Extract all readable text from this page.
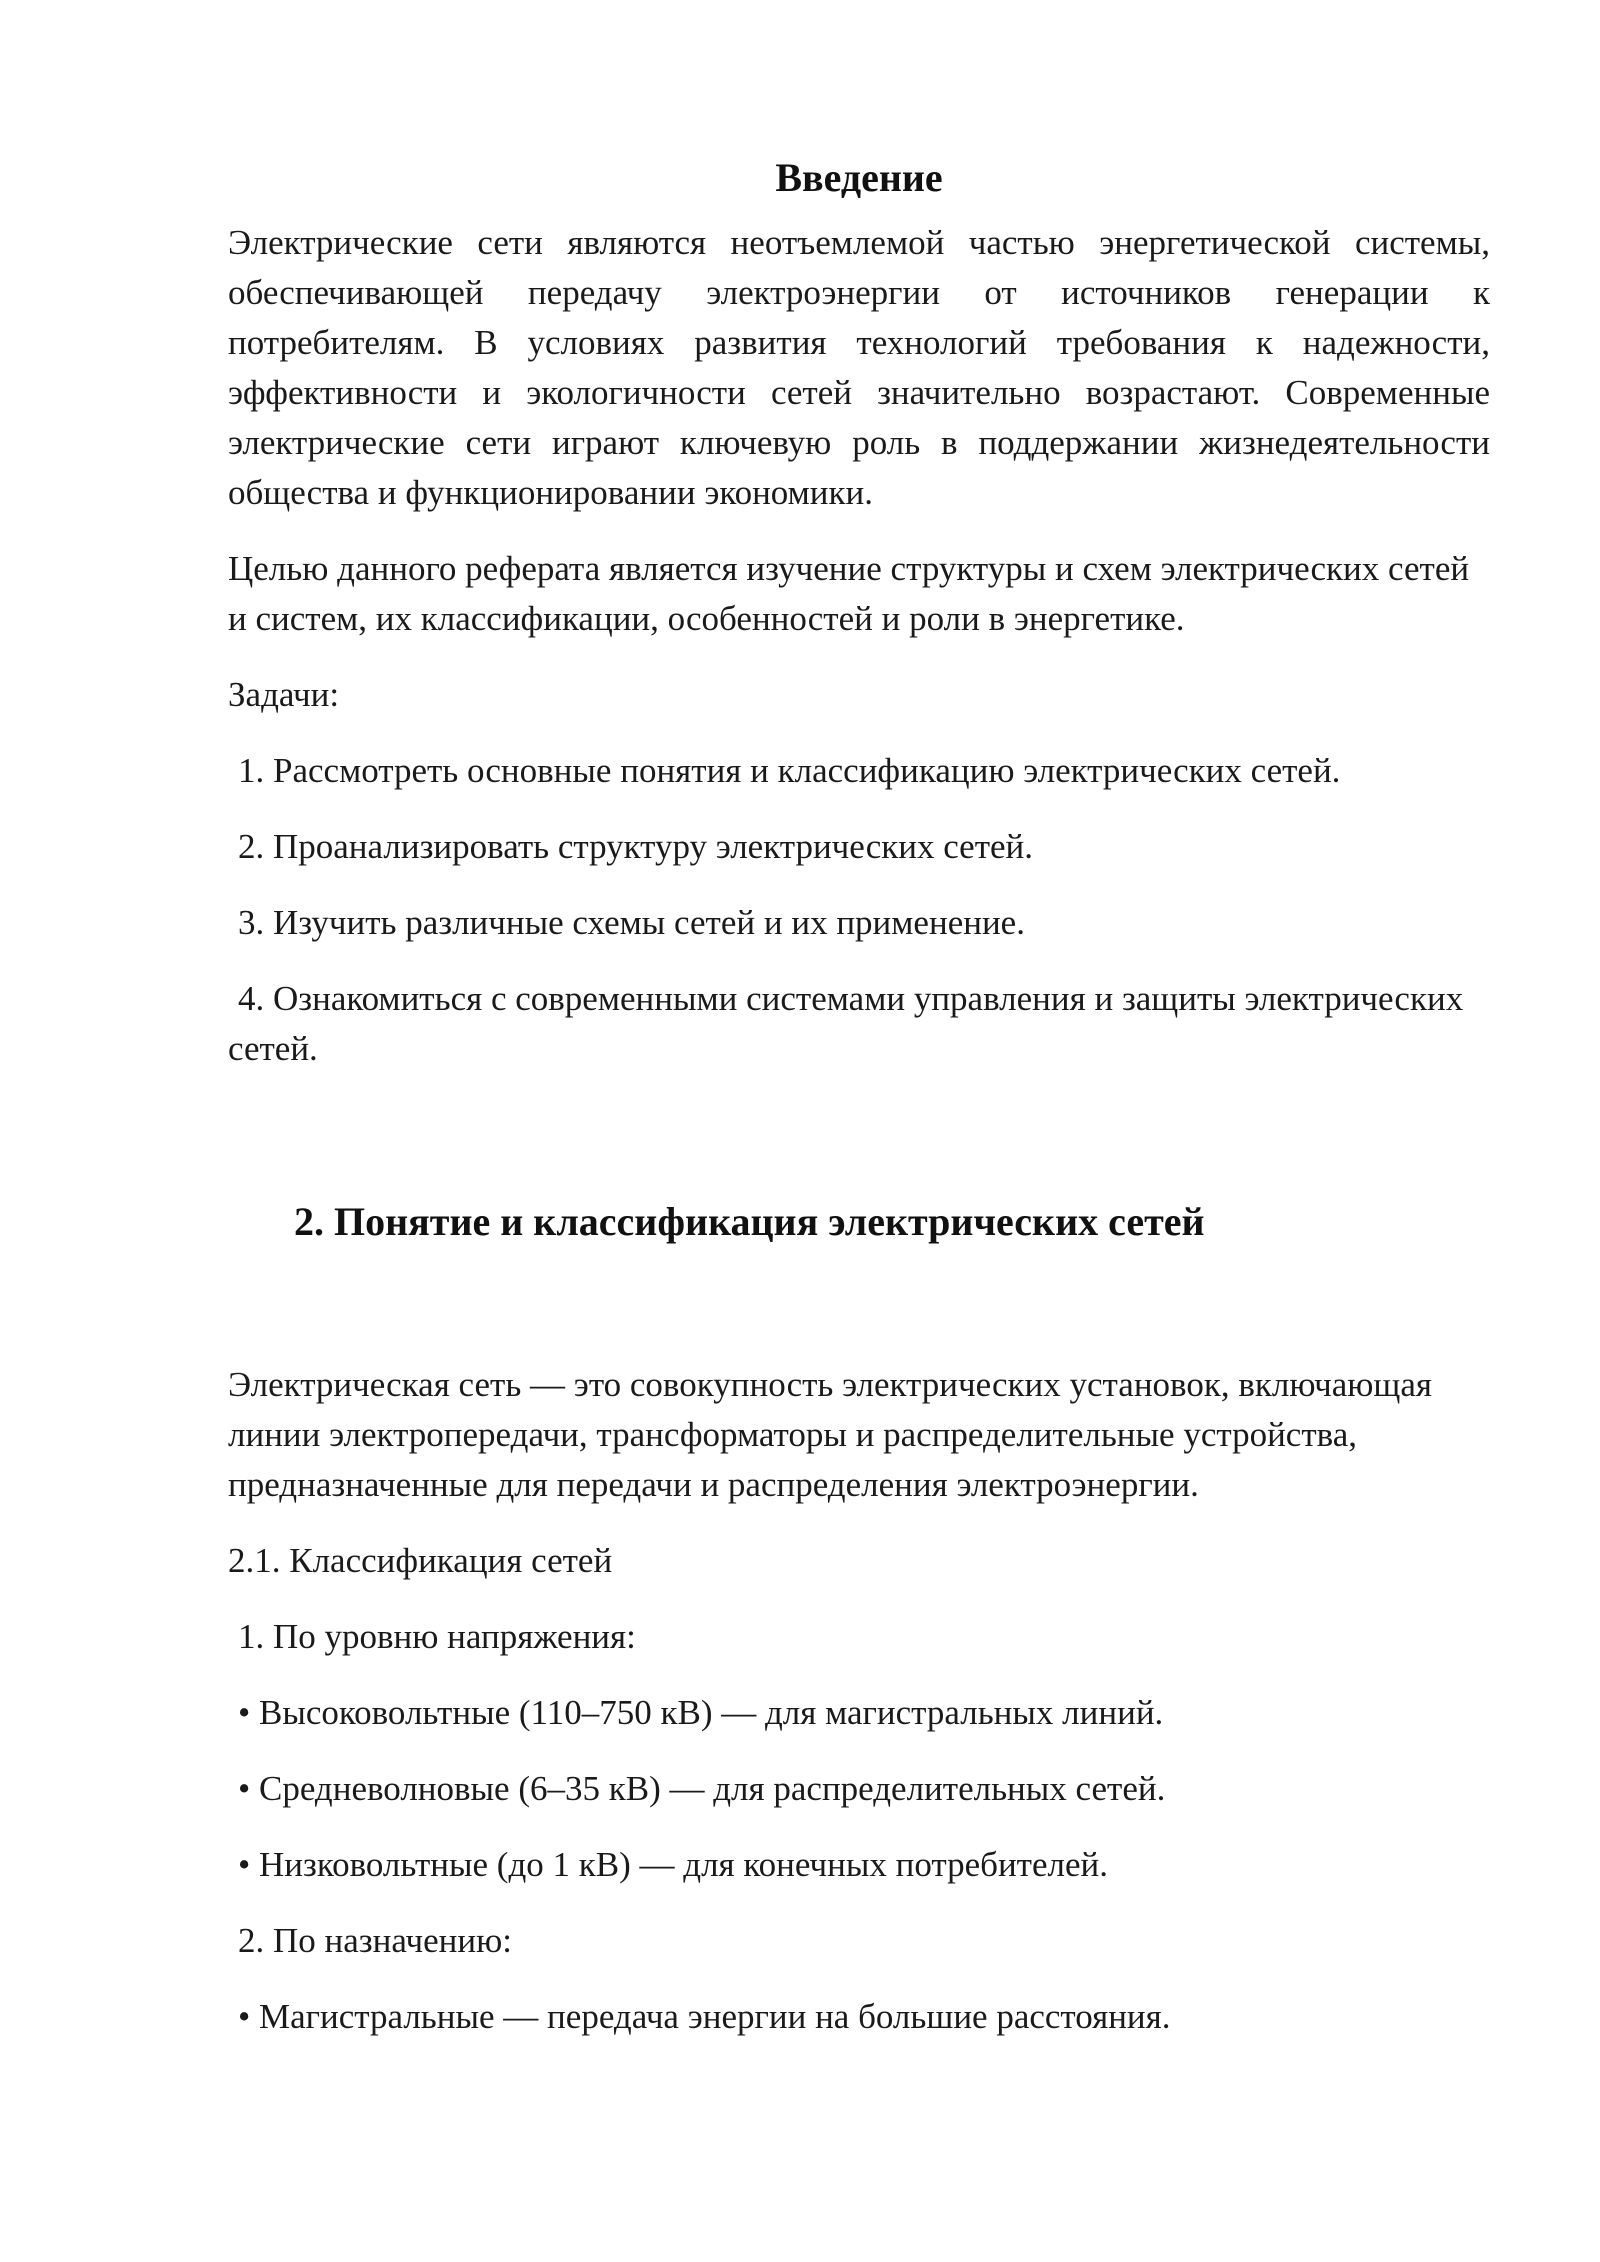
Введение

Электрические сети являются неотъемлемой частью энергетической системы, обеспечивающей передачу электроэнергии от источников генерации к потребителям. В условиях развития технологий требования к надежности, эффективности и экологичности сетей значительно возрастают. Современные электрические сети играют ключевую роль в поддержании жизнедеятельности общества и функционировании экономики.

Целью данного реферата является изучение структуры и схем электрических сетей и систем, их классификации, особенностей и роли в энергетике.

Задачи:

1. Рассмотреть основные понятия и классификацию электрических сетей.

2. Проанализировать структуру электрических сетей.

3. Изучить различные схемы сетей и их применение.

4. Ознакомиться с современными системами управления и защиты электрических сетей.

2. Понятие и классификация электрических сетей

Электрическая сеть — это совокупность электрических установок, включающая линии электропередачи, трансформаторы и распределительные устройства, предназначенные для передачи и распределения электроэнергии.

2.1. Классификация сетей

1. По уровню напряжения:

• Высоковольтные (110–750 кВ) — для магистральных линий.

• Средневолновые (6–35 кВ) — для распределительных сетей.

• Низковольтные (до 1 кВ) — для конечных потребителей.

2. По назначению:

• Магистральные — передача энергии на большие расстояния.
